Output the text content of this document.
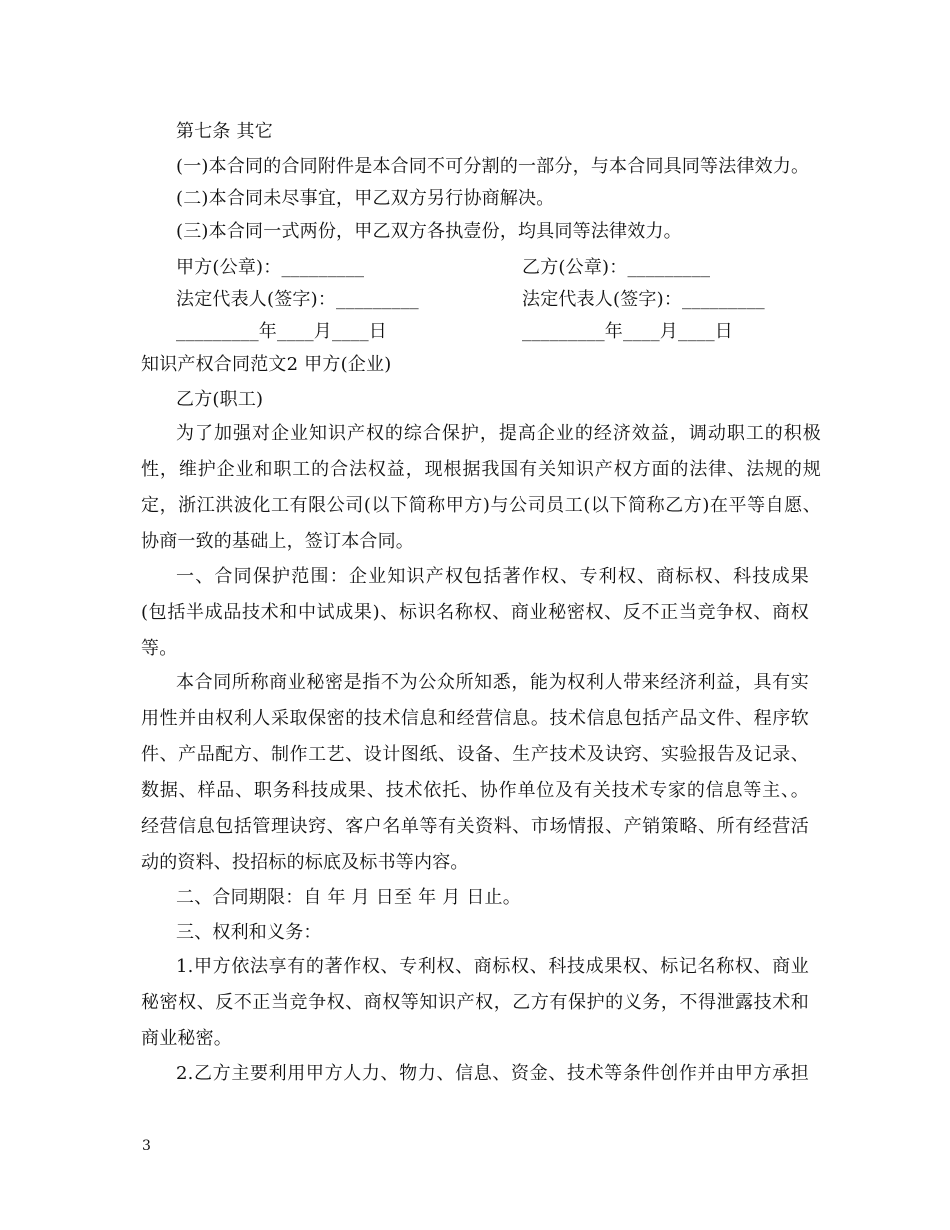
第七条 其它
(一)本合同的合同附件是本合同不可分割的一部分，与本合同具同等法律效力。
(二)本合同未尽事宜，甲乙双方另行协商解决。
(三)本合同一式两份，甲乙双方各执壹份，均具同等法律效力。
甲方(公章)：_________	乙方(公章)：_________
法定代表人(签字)：_________	法定代表人(签字)：_________
_________年____月____日	_________年____月____日
知识产权合同范文2 甲方(企业)
乙方(职工)
为了加强对企业知识产权的综合保护，提高企业的经济效益，调动职工的积极
性，维护企业和职工的合法权益，现根据我国有关知识产权方面的法律、法规的规
定，浙江洪波化工有限公司(以下简称甲方)与公司员工(以下简称乙方)在平等自愿、
协商一致的基础上，签订本合同。
一、合同保护范围：企业知识产权包括著作权、专利权、商标权、科技成果
(包括半成品技术和中试成果)、标识名称权、商业秘密权、反不正当竞争权、商权
等。
本合同所称商业秘密是指不为公众所知悉，能为权利人带来经济利益，具有实
用性并由权利人采取保密的技术信息和经营信息。技术信息包括产品文件、程序软
件、产品配方、制作工艺、设计图纸、设备、生产技术及诀窍、实验报告及记录、
数据、样品、职务科技成果、技术依托、协作单位及有关技术专家的信息等主、。
经营信息包括管理诀窍、客户名单等有关资料、市场情报、产销策略、所有经营活
动的资料、投招标的标底及标书等内容。
二、合同期限：自 年 月 日至 年 月 日止。
三、权利和义务：
1.甲方依法享有的著作权、专利权、商标权、科技成果权、标记名称权、商业
秘密权、反不正当竞争权、商权等知识产权，乙方有保护的义务，不得泄露技术和
商业秘密。
2.乙方主要利用甲方人力、物力、信息、资金、技术等条件创作并由甲方承担
3
